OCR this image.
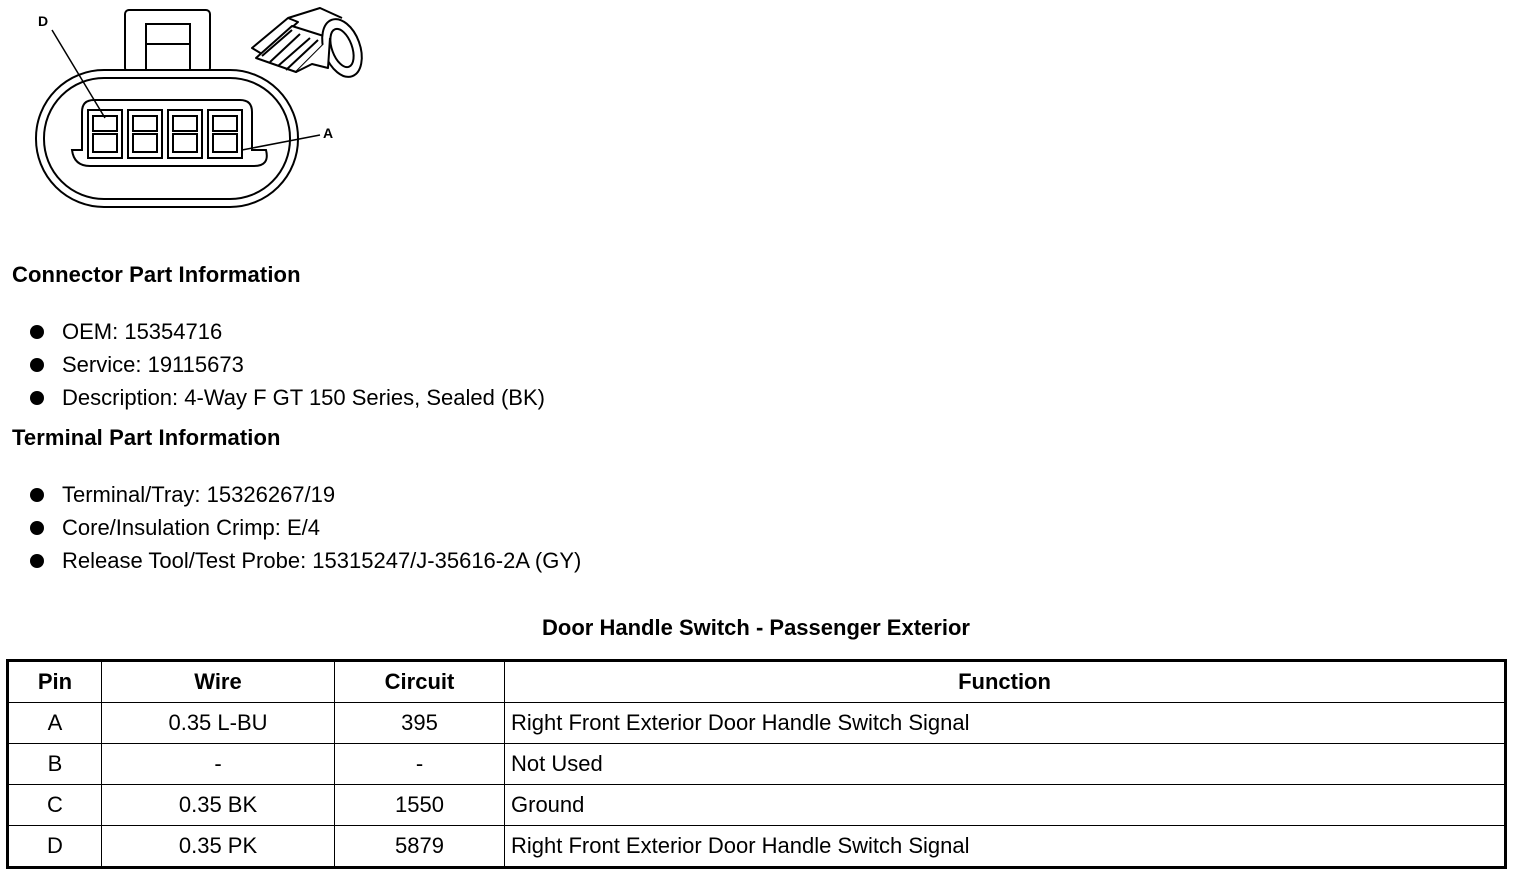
D
A
Connector Part Information
OEM: 15354716
Service: 19115673
Description: 4-Way F GT 150 Series, Sealed (BK)
Terminal Part Information
Terminal/Tray: 15326267/19
Core/Insulation Crimp: E/4
Release Tool/Test Probe: 15315247/J-35616-2A (GY)
Door Handle Switch - Passenger Exterior
Pin	Wire	Circuit	Function
A	0.35 L-BU	395	Right Front Exterior Door Handle Switch Signal
B	-	-	Not Used
C	0.35 BK	1550	Ground
D	0.35 PK	5879	Right Front Exterior Door Handle Switch Signal
